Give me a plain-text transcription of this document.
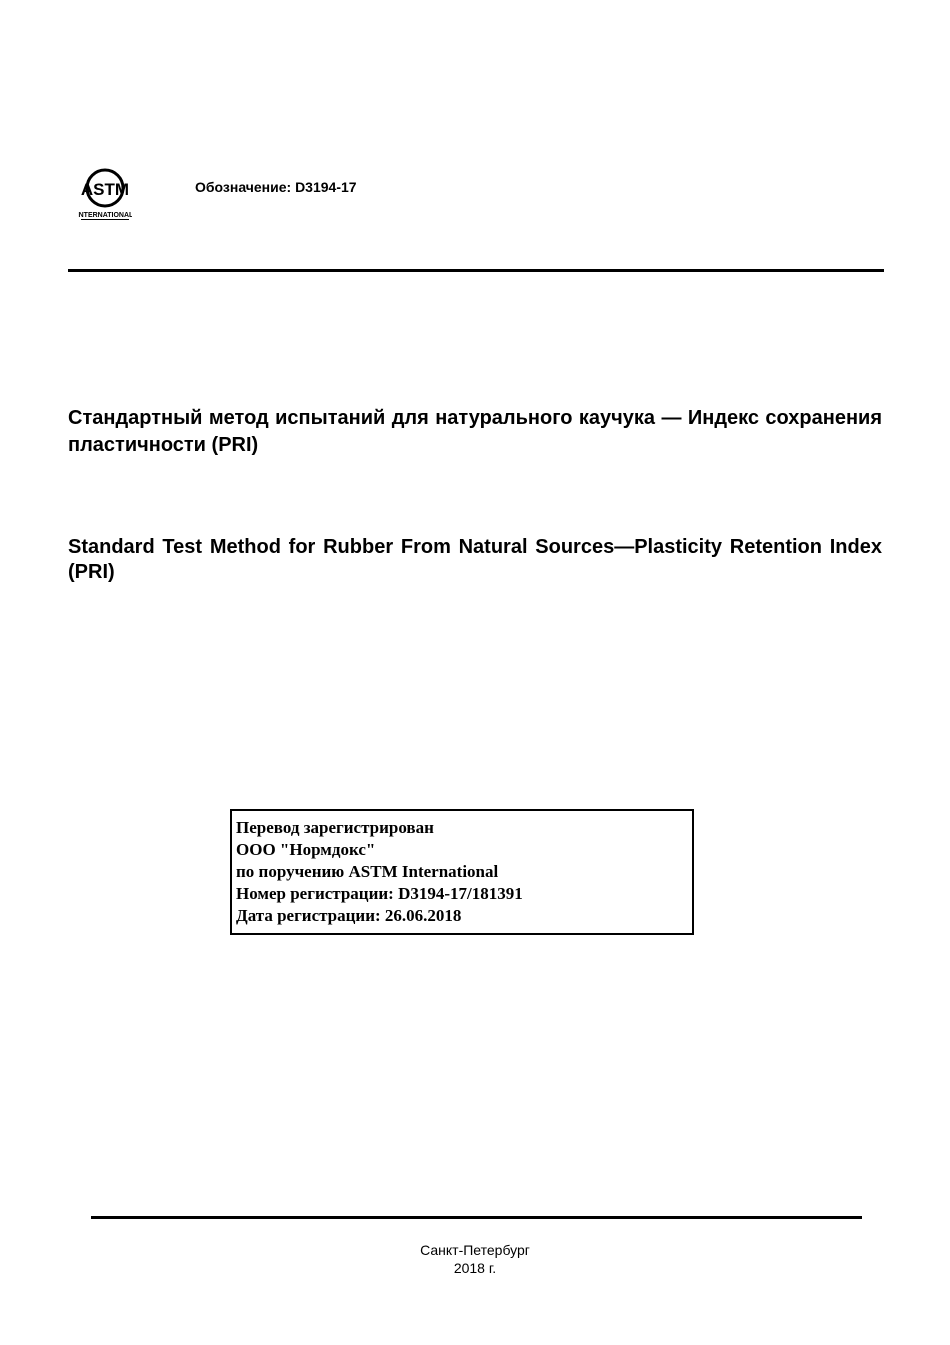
ASTM
INTERNATIONAL
Обозначение: D3194-17
Стандартный метод испытаний для натурального каучука — Индекс сохранения пластичности (PRI)
Standard Test Method for Rubber From Natural Sources—Plasticity Retention Index (PRI)
Перевод зарегистрирован
ООО "Нормдокс"
по поручению ASTM International
Номер регистрации: D3194-17/181391
Дата регистрации: 26.06.2018
Санкт-Петербург
2018 г.
